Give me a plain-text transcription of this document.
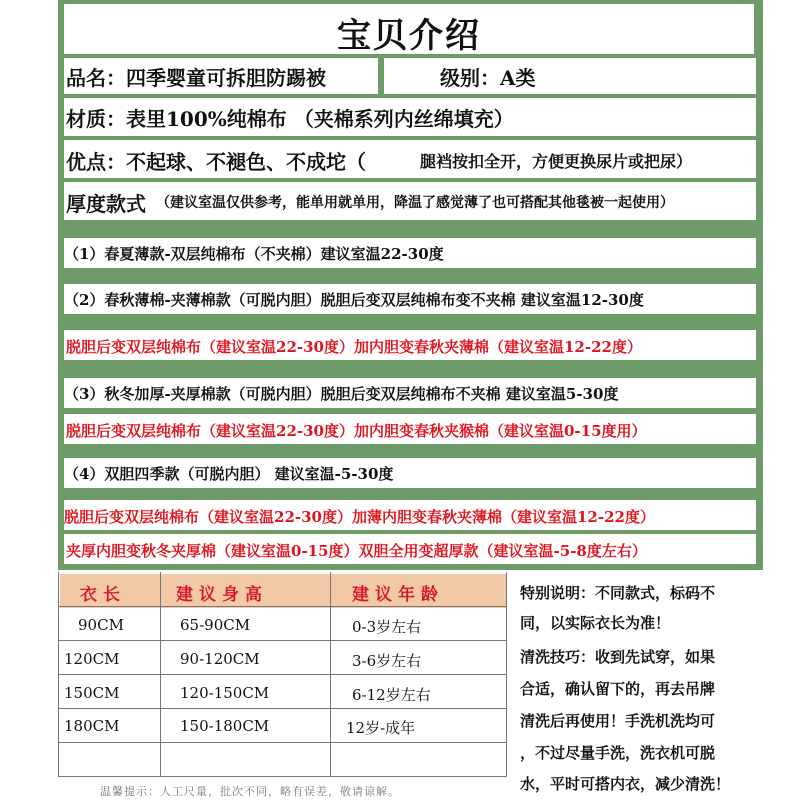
宝贝介绍
品名：四季婴童可拆胆防踢被	级别：A类
材质：表里100%纯棉布 （夹棉系列内丝绵填充）
优点：不起球、不褪色、不成坨（	腿裆按扣全开，方便更换尿片或把尿）
厚度款式 （建议室温仅供参考，能单用就单用，降温了感觉薄了也可搭配其他毯被一起使用）
（1）春夏薄款-双层纯棉布（不夹棉）建议室温22-30度
（2）春秋薄棉-夹薄棉款（可脱内胆）脱胆后变双层纯棉布变不夹棉 建议室温12-30度
脱胆后变双层纯棉布（建议室温22-30度）加内胆变春秋夹薄棉（建议室温12-22度）
（3）秋冬加厚-夹厚棉款（可脱内胆）脱胆后变双层纯棉布不夹棉 建议室温5-30度
脱胆后变双层纯棉布（建议室温22-30度）加内胆变春秋夹猴棉（建议室温0-15度用）
（4）双胆四季款（可脱内胆） 建议室温-5-30度
脱胆后变双层纯棉布（建议室温22-30度）加薄内胆变春秋夹薄棉（建议室温12-22度）
夹厚内胆变秋冬夹厚棉（建议室温0-15度）双胆全用变超厚款（建议室温-5-8度左右）
衣长	建议身高	建议年龄
90CM	65-90CM	0-3岁左右
120CM	90-120CM	3-6岁左右
150CM	120-150CM	6-12岁左右
180CM	150-180CM	12岁-成年
温馨提示：人工尺量，批次不同，略有误差，敬请谅解。
特别说明：不同款式，标码不
同，以实际衣长为准！
清洗技巧：收到先试穿，如果
合适，确认留下的，再去吊牌
清洗后再使用！手洗机洗均可
，不过尽量手洗，洗衣机可脱
水，平时可搭内衣，减少清洗！
